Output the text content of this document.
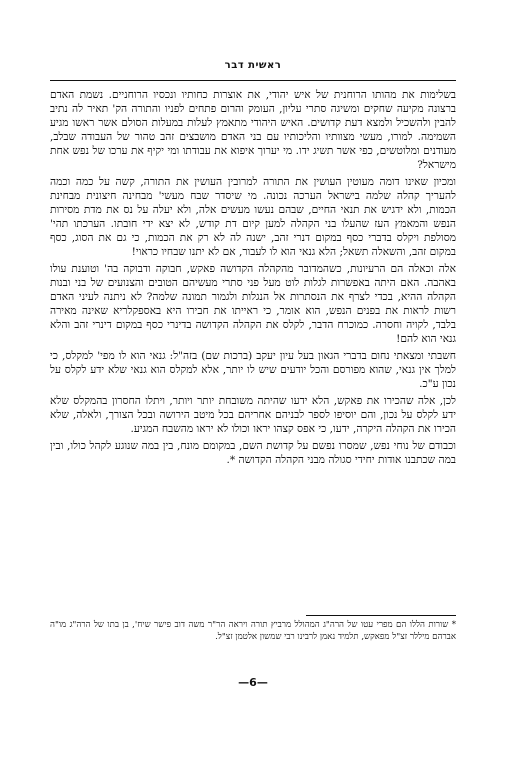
ראשית דבר

בשלימות את מהותו הרוחנית של איש יהודי, את אוצרות כחותיו ונכסיו הרוחניים. נשמת האדם ברצונה מקיעה שחקים ומשיגה סתרי עליון, העומק והרום פתחים לפניו והתורה הק' תאיר לה נתיב להבין ולהשכיל ולמצא דעת קדושים. האיש היהודי מתאמץ לעלות במעלות הסולם אשר ראשו מגיע השמימה. למורו, מעשי מצוותיו והליכותיו עם בני האדם מושבצים זהב טהור של העבודה שבלב, מעודנים ומלוטשים, כפי אשר תשיג ידו. מי יערוך איפוא את עבודתו ומי יקיף את ערכו של נפש אחת מישראל?

ומכיון שאינו דומה מעוטין העושין את התורה למרובין העושין את התורה, קשה על כמה וכמה להעריך קהלה שלמה בישראל הערכה נכונה. מי שיסדר שבח מעשי' מבחינה חיצונית מבחינת הכמות, ולא ידגיש את תנאי החיים, שבהם נעשו מעשים אלה, ולא יעלה על נס את מדת מסירות הנפש והמאמץ העז שהעלו בני הקהלה למען קיום דת קודש, לא יצא ידי חובתו. הערכתו תהי' מסולפת ויקלס בדברי כסף במקום דנרי זהב, ישנה לה לא רק את הכמות, כי גם את הסוג, כסף במקום זהב, והשאלה תשאל; הלא גנאי הוא לו לעבור, אם לא יתנו שבחיו כראוי!

אלה וכאלה הם הרעיונות, כשהמדובר מהקהלה הקדושה פאקש, חבוקה ודבוקה בה' וטוענת עולו באהבה. האם היתה באפשרות לגלות לוט מעל פני סתרי מעשיהם הטובים והצנועים של בני ובנות הקהלה ההיא, בכדי לצרף את הנסתרות אל הנגלות ולגמור תמונה שלמה? לא ניתנה לעיני האדם רשות לראות את בפנים הנפש, הוא אומר, כי ראייתו את חבירו היא באספקלריא שאינה מאירה בלבד, לקויה וחסרה. כמוכרח הדבר, לקלס את הקהלה הקדושה בדינרי כסף במקום דינרי זהב והלא גנאי הוא להם!

חשבתי ומצאתי נחום בדברי הגאון בעל עיון יעקב (ברכות שם) בזה"ל: גנאי הוא לו מפי' למקלס, כי למלך אין גנאי, שהוא מפורסם והכל יודעים שיש לו יותר, אלא למקלס הוא גנאי שלא ידע לקלס על נכון ע"כ.

לכן, אלה שהכירו את פאקש, הלא ידעו שהיתה משובחת יותר ויותר, ויתלו החסרון בהמקלס שלא ידע לקלס על נכון, והם יוסיפו לספר לבניהם אחריהם בכל מיטב הירושה ובכל הצורך, ולאלה, שלא הכירו את הקהלה היקרה, ידעו, כי אפס קצהו יראו וכולו לא יראו מהשבח המגיע.

וכבודם של נוחי נפש, שמסרו נפשם על קדושת השם, במקומם מונח, בין במה שנוגע לקהל כולו, ובין במה שכתבנו אודות יחידי סגולה מבני הקהלה הקדושה *.

* שורות הללו הם מפרי עטו של הרה"ג המהולל מרביץ תורה ויראה הר"ר משה דוב פישר שיח', בן בתו של הרה"ג מו"ה אברהם מיללר זצ"ל מפאקש, תלמיד נאמן לרבינו רבי שמשון אלטמן זצ"ל.
—6—
